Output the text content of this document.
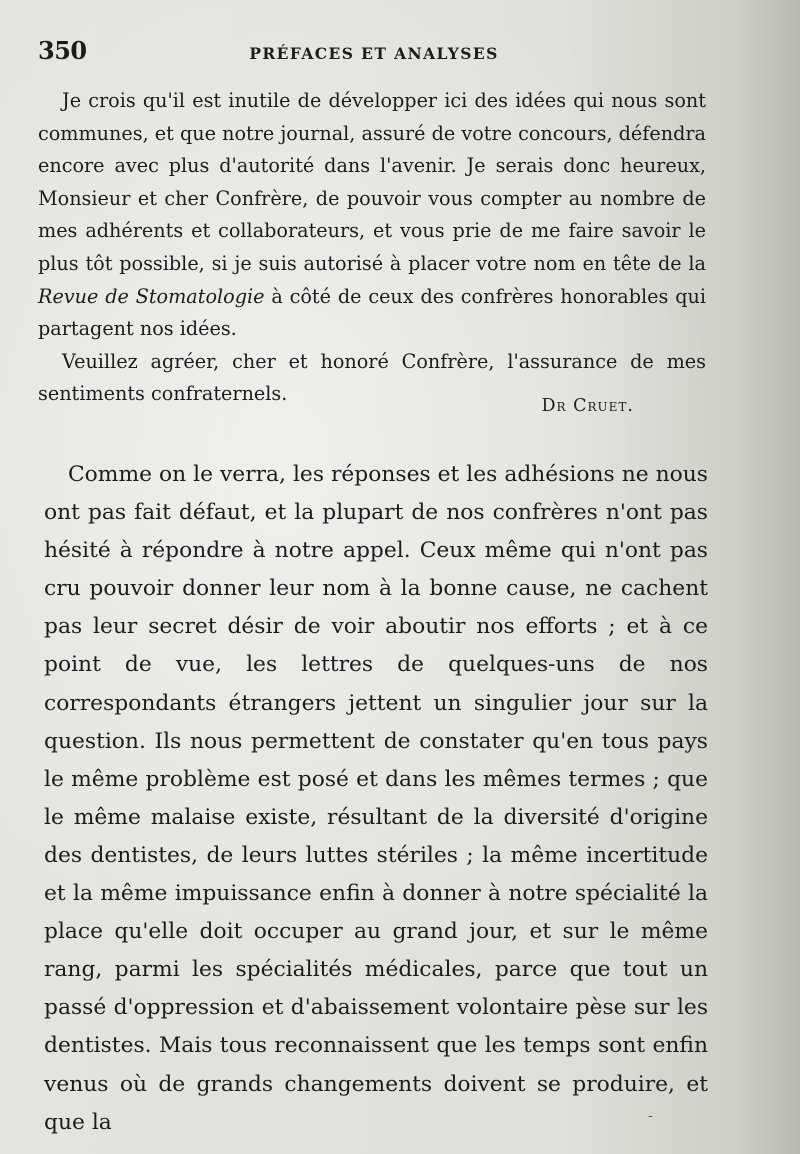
350	PRÉFACES ET ANALYSES

Je crois qu'il est inutile de développer ici des idées qui nous sont communes, et que notre journal, assuré de votre concours, défendra encore avec plus d'autorité dans l'avenir. Je serais donc heureux, Monsieur et cher Confrère, de pouvoir vous compter au nombre de mes adhérents et collaborateurs, et vous prie de me faire savoir le plus tôt possible, si je suis autorisé à placer votre nom en tête de la Revue de Stomatologie à côté de ceux des confrères honorables qui partagent nos idées.

Veuillez agréer, cher et honoré Confrère, l'assurance de mes sentiments confraternels.

Dr Cruet.

Comme on le verra, les réponses et les adhésions ne nous ont pas fait défaut, et la plupart de nos confrères n'ont pas hésité à répondre à notre appel. Ceux même qui n'ont pas cru pouvoir donner leur nom à la bonne cause, ne cachent pas leur secret désir de voir aboutir nos efforts ; et à ce point de vue, les lettres de quelques-uns de nos correspondants étrangers jettent un singulier jour sur la question. Ils nous permettent de constater qu'en tous pays le même problème est posé et dans les mêmes termes ; que le même malaise existe, résultant de la diversité d'origine des dentistes, de leurs luttes stériles ; la même incertitude et la même impuissance enfin à donner à notre spécialité la place qu'elle doit occuper au grand jour, et sur le même rang, parmi les spécialités médicales, parce que tout un passé d'oppression et d'abaissement volontaire pèse sur les dentistes. Mais tous reconnaissent que les temps sont enfin venus où de grands changements doivent se produire, et que la	-
